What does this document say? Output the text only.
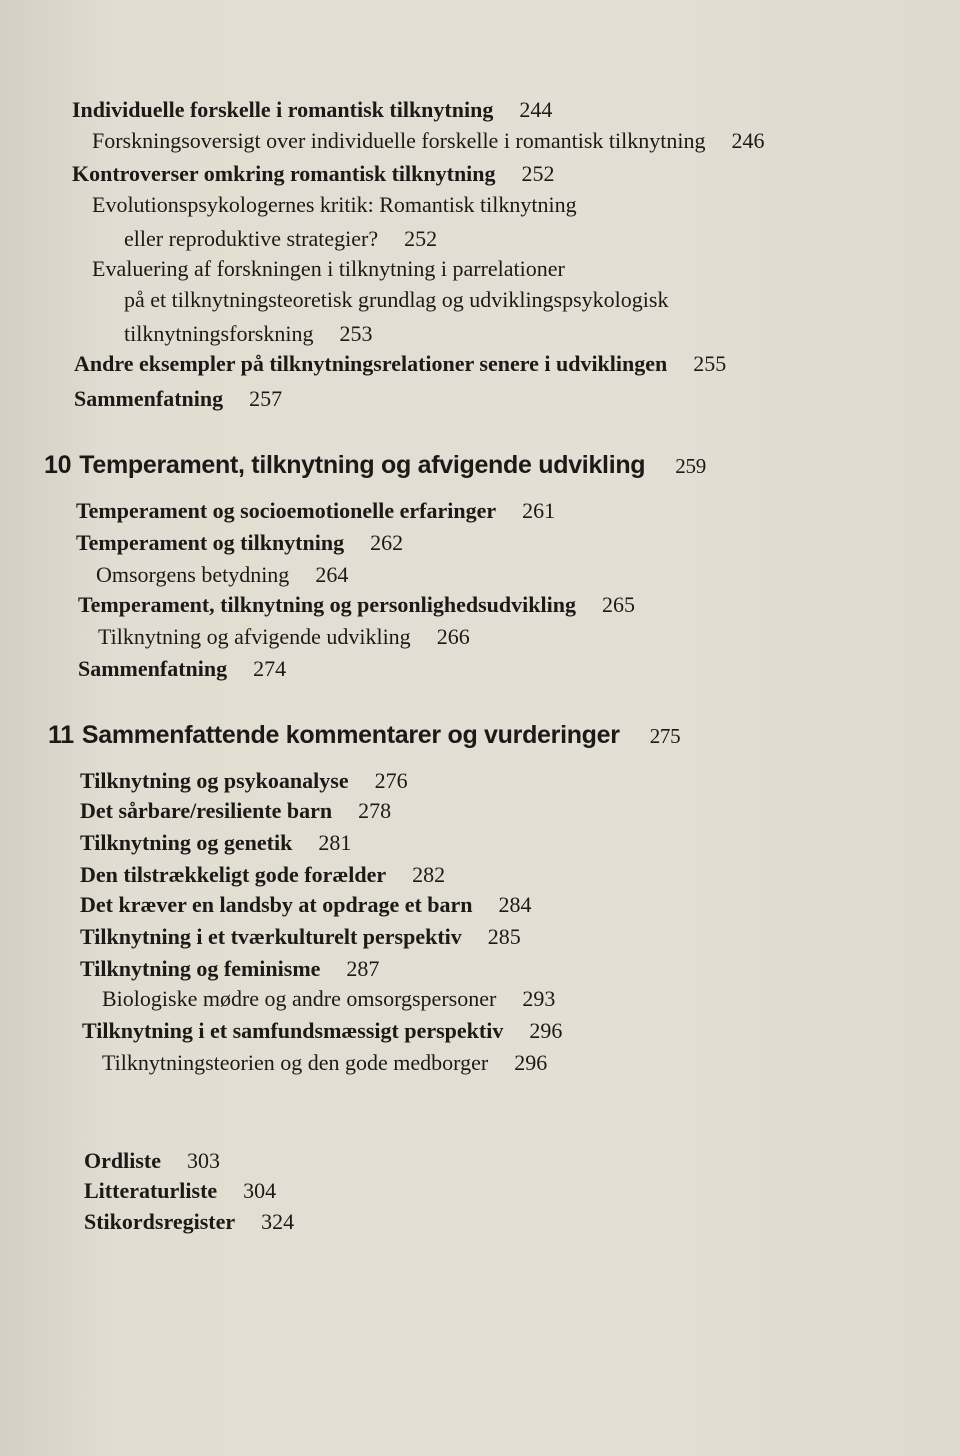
Individuelle forskelle i romantisk tilknytning 244
Forskningsoversigt over individuelle forskelle i romantisk tilknytning 246
Kontroverser omkring romantisk tilknytning 252
Evolutionspsykologernes kritik: Romantisk tilknytning
eller reproduktive strategier? 252
Evaluering af forskningen i tilknytning i parrelationer
på et tilknytningsteoretisk grundlag og udviklingspsykologisk
tilknytningsforskning 253
Andre eksempler på tilknytningsrelationer senere i udviklingen 255
Sammenfatning 257
10 Temperament, tilknytning og afvigende udvikling 259
Temperament og socioemotionelle erfaringer 261
Temperament og tilknytning 262
Omsorgens betydning 264
Temperament, tilknytning og personlighedsudvikling 265
Tilknytning og afvigende udvikling 266
Sammenfatning 274
11 Sammenfattende kommentarer og vurderinger 275
Tilknytning og psykoanalyse 276
Det sårbare/resiliente barn 278
Tilknytning og genetik 281
Den tilstrækkeligt gode forælder 282
Det kræver en landsby at opdrage et barn 284
Tilknytning i et tværkulturelt perspektiv 285
Tilknytning og feminisme 287
Biologiske mødre og andre omsorgspersoner 293
Tilknytning i et samfundsmæssigt perspektiv 296
Tilknytningsteorien og den gode medborger 296
Ordliste 303
Litteraturliste 304
Stikordsregister 324
